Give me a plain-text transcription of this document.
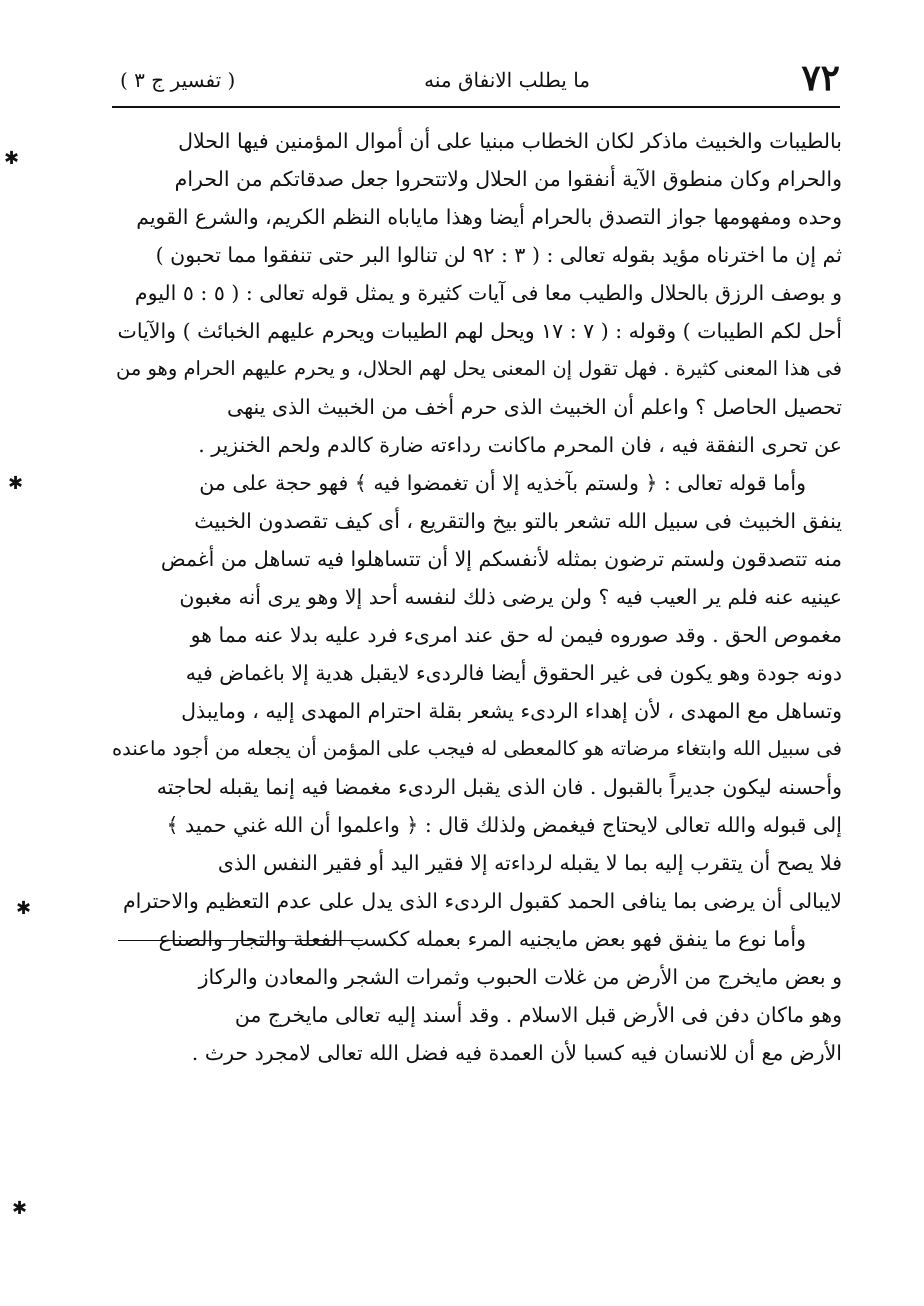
٧٢
ما يطلب الانفاق منه
( تفسير ج ٣ )
بالطيبات والخبيث ماذكر لكان الخطاب مبنيا على أن أموال المؤمنين فيها الحلال
والحرام وكان منطوق الآية أنفقوا من الحلال ولاتتحروا جعل صدقاتكم من الحرام
وحده ومفهومها جواز التصدق بالحرام أيضا وهذا ماياباه النظم الكريم، والشرع القويم
ثم إن ما اخترناه مؤيد بقوله تعالى : ( ٣ : ٩٢ لن تنالوا البر حتى تنفقوا مما تحبون )
و بوصف الرزق بالحلال والطيب معا فى آيات كثيرة و يمثل قوله تعالى : ( ٥ : ٥ اليوم
أحل لكم الطيبات ) وقوله : ( ٧ : ١٧ ويحل لهم الطيبات ويحرم عليهم الخبائث ) والآيات
فى هذا المعنى كثيرة . فهل تقول إن المعنى يحل لهم الحلال، و يحرم عليهم الحرام وهو من
تحصيل الحاصل ؟ واعلم أن الخبيث الذى حرم أخف من الخبيث الذى ينهى
عن تحرى النفقة فيه ، فان المحرم ماكانت رداءته ضارة كالدم ولحم الخنزير .
وأما قوله تعالى : ﴿ ولستم بآخذيه إلا أن تغمضوا فيه ﴾ فهو حجة على من
ينفق الخبيث فى سبيل الله تشعر بالتو بيخ والتقريع ، أى كيف تقصدون الخبيث
منه تتصدقون ولستم ترضون بمثله لأنفسكم إلا أن تتساهلوا فيه تساهل من أغمض
عينيه عنه فلم ير العيب فيه ؟ ولن يرضى ذلك لنفسه أحد إلا وهو يرى أنه مغبون
مغموص الحق . وقد صوروه فيمن له حق عند امرىء فرد عليه بدلا عنه مما هو
دونه جودة وهو يكون فى غير الحقوق أيضا فالردىء لايقبل هدية إلا باغماض فيه
وتساهل مع المهدى ، لأن إهداء الردىء يشعر بقلة احترام المهدى إليه ، ومايبذل
فى سبيل الله وابتغاء مرضاته هو كالمعطى له فيجب على المؤمن أن يجعله من أجود ماعنده
وأحسنه ليكون جديراً بالقبول . فان الذى يقبل الردىء مغمضا فيه إنما يقبله لحاجته
إلى قبوله والله تعالى لايحتاج فيغمض ولذلك قال : ﴿ واعلموا أن الله غني حميد ﴾
فلا يصح أن يتقرب إليه بما لا يقبله لرداءته إلا فقير اليد أو فقير النفس الذى
لايبالى أن يرضى بما ينافى الحمد كقبول الردىء الذى يدل على عدم التعظيم والاحترام
وأما نوع ما ينفق فهو بعض مايجنيه المرء بعمله ككسب الفعلة والتجار والصناع
و بعض مايخرج من الأرض من غلات الحبوب وثمرات الشجر والمعادن والركاز
وهو ماكان دفن فى الأرض قبل الاسلام . وقد أسند إليه تعالى مايخرج من
الأرض مع أن للانسان فيه كسبا لأن العمدة فيه فضل الله تعالى لامجرد حرث .
✱
✱
✱
✱
